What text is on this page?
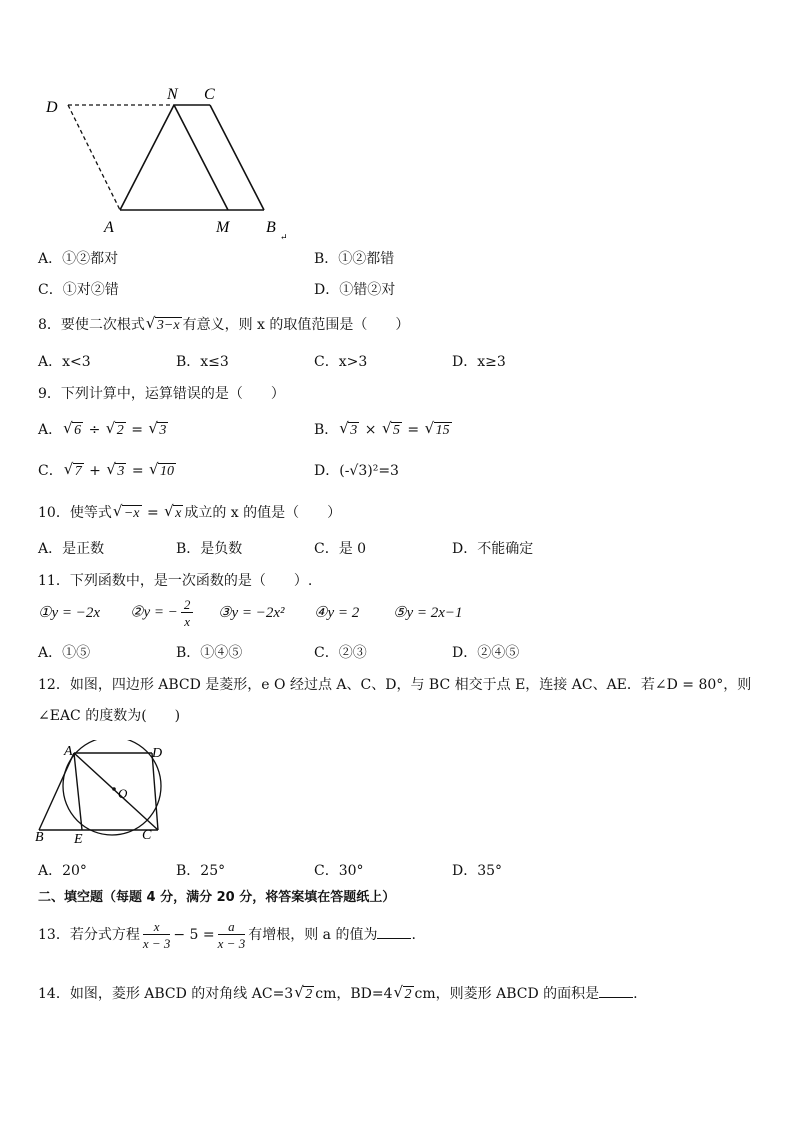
D
N C
A	M B
↵
A．①②都对	B．①②都错
C．①对②错	D．①错②对
8．要使二次根式 √ 3−x 有意义，则 x 的取值范围是（　　）
A．x<3	B．x≤3	C．x>3	D．x≥3
9．下列计算中，运算错误的是（　　）
A． √ 6 ÷ √ 2 = √ 3	B． √ 3 × √ 5 = √ 15
C． √ 7 + √ 3 = √ 10	D．(-√3)²=3
10．使等式 √ −x = √ x 成立的 x 的值是（　　）
A．是正数	B．是负数	C．是 0	D．不能确定
11．下列函数中，是一次函数的是（　　）.
①y = −2x ②y = − $\frac{2}{x}$ ③y = −2x² ④y = 2 ⑤y = 2x−1
A．①⑤	B．①④⑤	C．②③	D．②④⑤
12．如图，四边形 ABCD 是菱形，e O 经过点 A、C、D，与 BC 相交于点 E，连接 AC、AE．若∠D = 80°，则
∠EAC 的度数为(　　)
A	D
O
B E	C
A．20°	B．25°	C．30°	D．35°
二、填空题（每题 4 分，满分 20 分，将答案填在答题纸上）
13．若分式方程 $\frac{x}{x - 3} - 5 = \frac{a}{x - 3}$ 有增根，则 a 的值为 .
14．如图，菱形 ABCD 的对角线 AC=3 √ 2 cm，BD=4 √ 2 cm，则菱形 ABCD 的面积是 .
